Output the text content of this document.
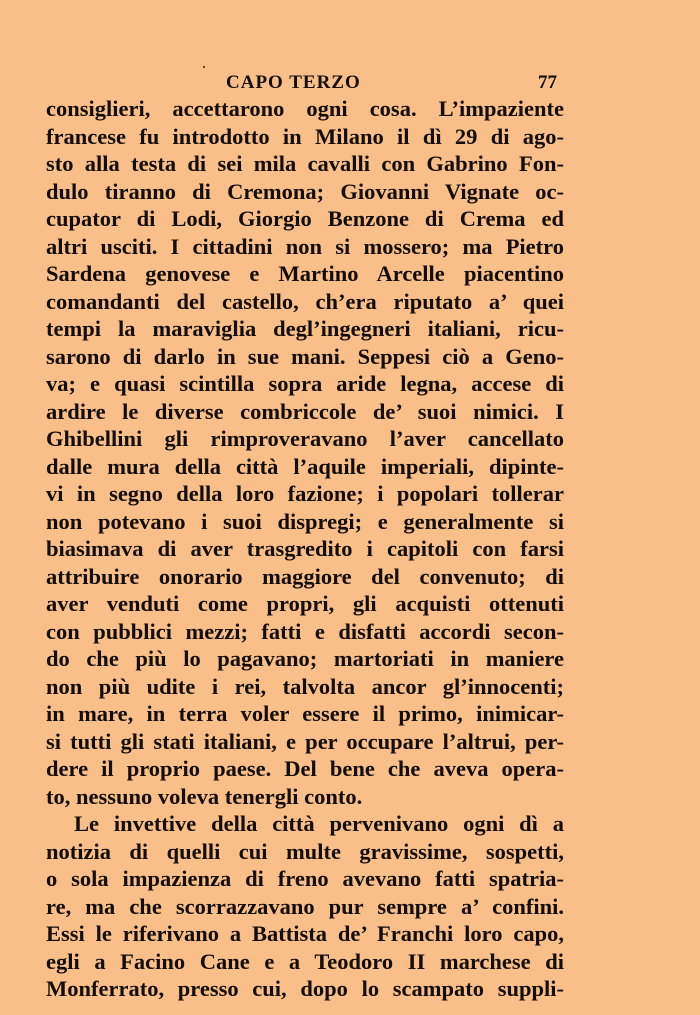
CAPO TERZO	77
consiglieri, accettarono ogni cosa. L’impaziente
francese fu introdotto in Milano il dì 29 di ago-
sto alla testa di sei mila cavalli con Gabrino Fon-
dulo tiranno di Cremona; Giovanni Vignate oc-
cupator di Lodi, Giorgio Benzone di Crema ed
altri usciti. I cittadini non si mossero; ma Pietro
Sardena genovese e Martino Arcelle piacentino
comandanti del castello, ch’era riputato a’ quei
tempi la maraviglia degl’ingegneri italiani, ricu-
sarono di darlo in sue mani. Seppesi ciò a Geno-
va; e quasi scintilla sopra aride legna, accese di
ardire le diverse combriccole de’ suoi nimici. I
Ghibellini gli rimproveravano l’aver cancellato
dalle mura della città l’aquile imperiali, dipinte-
vi in segno della loro fazione; i popolari tollerar
non potevano i suoi dispregi; e generalmente si
biasimava di aver trasgredito i capitoli con farsi
attribuire onorario maggiore del convenuto; di
aver venduti come propri, gli acquisti ottenuti
con pubblici mezzi; fatti e disfatti accordi secon-
do che più lo pagavano; martoriati in maniere
non più udite i rei, talvolta ancor gl’innocenti;
in mare, in terra voler essere il primo, inimicar-
si tutti gli stati italiani, e per occupare l’altrui, per-
dere il proprio paese. Del bene che aveva opera-
to, nessuno voleva tenergli conto.
Le invettive della città pervenivano ogni dì a
notizia di quelli cui multe gravissime, sospetti,
o sola impazienza di freno avevano fatti spatria-
re, ma che scorrazzavano pur sempre a’ confini.
Essi le riferivano a Battista de’ Franchi loro capo,
egli a Facino Cane e a Teodoro II marchese di
Monferrato, presso cui, dopo lo scampato suppli-
